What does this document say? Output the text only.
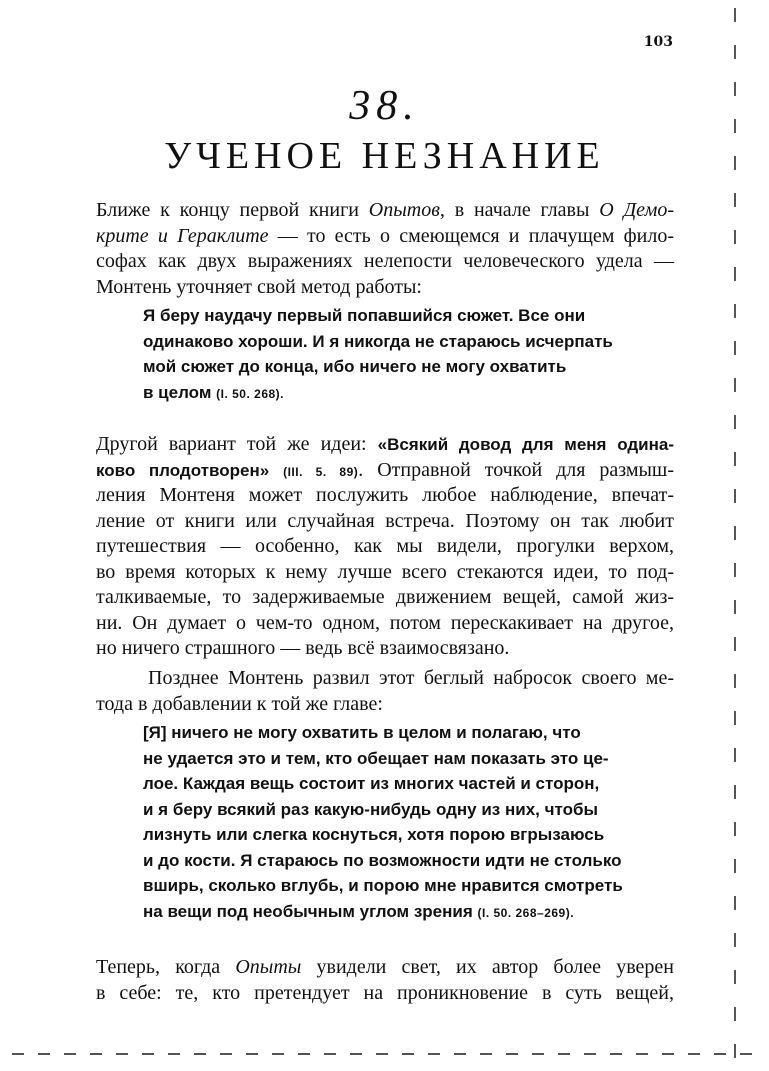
103
38.
УЧЕНОЕ НЕЗНАНИЕ
Ближе к концу первой книги Опытов, в начале главы О Демо-
крите и Гераклите — то есть о смеющемся и плачущем фило-
софах как двух выражениях нелепости человеческого удела —
Монтень уточняет свой метод работы:
Я беру наудачу первый попавшийся сюжет. Все они
одинаково хороши. И я никогда не стараюсь исчерпать
мой сюжет до конца, ибо ничего не могу охватить
в целом (I. 50. 268).
Другой вариант той же идеи: «Всякий довод для меня одина-
ково плодотворен» (III. 5. 89). Отправной точкой для размыш-
ления Монтеня может послужить любое наблюдение, впечат-
ление от книги или случайная встреча. Поэтому он так любит
путешествия — особенно, как мы видели, прогулки верхом,
во время которых к нему лучше всего стекаются идеи, то под-
талкиваемые, то задерживаемые движением вещей, самой жиз-
ни. Он думает о чем-то одном, потом перескакивает на другое,
но ничего страшного — ведь всё взаимосвязано.
Позднее Монтень развил этот беглый набросок своего ме-
тода в добавлении к той же главе:
[Я] ничего не могу охватить в целом и полагаю, что
не удается это и тем, кто обещает нам показать это це-
лое. Каждая вещь состоит из многих частей и сторон,
и я беру всякий раз какую-нибудь одну из них, чтобы
лизнуть или слегка коснуться, хотя порою вгрызаюсь
и до кости. Я стараюсь по возможности идти не столько
вширь, сколько вглубь, и порою мне нравится смотреть
на вещи под необычным углом зрения (I. 50. 268–269).
Теперь, когда Опыты увидели свет, их автор более уверен
в себе: те, кто претендует на проникновение в суть вещей,
